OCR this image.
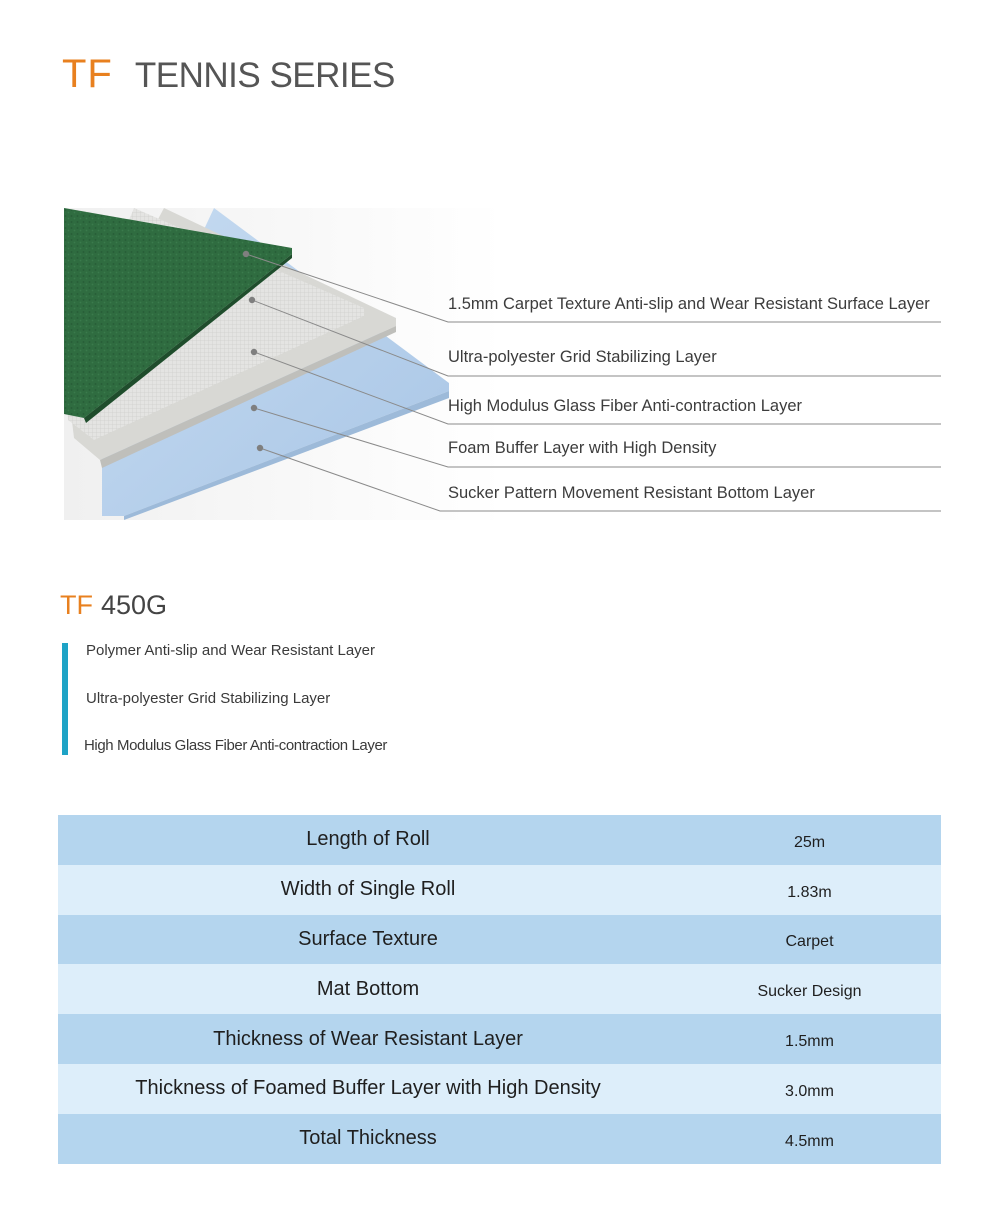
TF TENNIS SERIES
1.5mm Carpet Texture Anti-slip and Wear Resistant Surface Layer
Ultra-polyester Grid Stabilizing Layer
High Modulus Glass Fiber Anti-contraction Layer
Foam Buffer Layer with High Density
Sucker Pattern Movement Resistant Bottom Layer
TF 450G
Polymer Anti-slip and Wear Resistant Layer
Ultra-polyester Grid Stabilizing Layer
High Modulus Glass Fiber Anti-contraction Layer
Length of Roll	25m
Width of Single Roll	1.83m
Surface Texture	Carpet
Mat Bottom	Sucker Design
Thickness of Wear Resistant Layer	1.5mm
Thickness of Foamed Buffer Layer with High Density	3.0mm
Total Thickness	4.5mm
